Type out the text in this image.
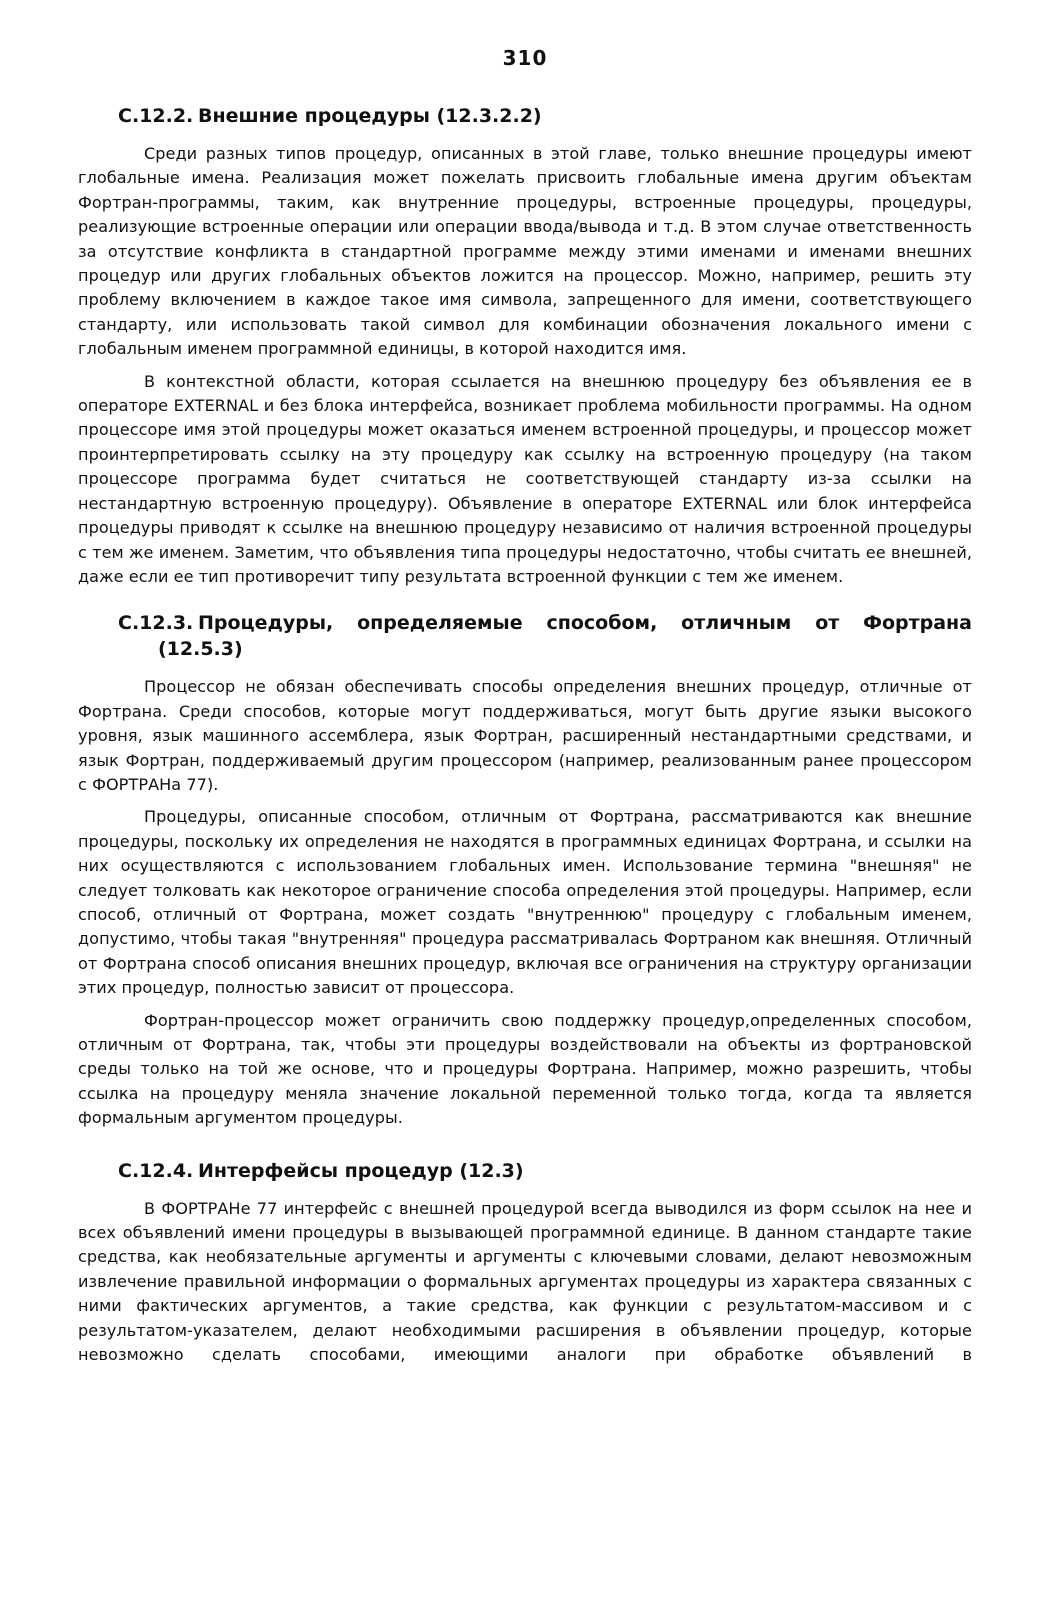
310
С.12.2. Внешние процедуры (12.3.2.2)

Среди разных типов процедур, описанных в этой главе, только внешние процедуры имеют глобальные имена. Реализация может пожелать присвоить глобальные имена другим объектам Фортран-программы, таким, как внутренние процедуры, встроенные процедуры, процедуры, реализующие встроенные операции или операции ввода/вывода и т.д. В этом случае ответственность за отсутствие конфликта в стандартной программе между этими именами и именами внешних процедур или других глобальных объектов ложится на процессор. Можно, например, решить эту проблему включением в каждое такое имя символа, запрещенного для имени, соответствующего стандарту, или использовать такой символ для комбинации обозначения локального имени с глобальным именем программной единицы, в которой находится имя.

В контекстной области, которая ссылается на внешнюю процедуру без объявления ее в операторе EXTERNAL и без блока интерфейса, возникает проблема мобильности программы. На одном процессоре имя этой процедуры может оказаться именем встроенной процедуры, и процессор может проинтерпретировать ссылку на эту процедуру как ссылку на встроенную процедуру (на таком процессоре программа будет считаться не соответствующей стандарту из-за ссылки на нестандартную встроенную процедуру). Объявление в операторе EXTERNAL или блок интерфейса процедуры приводят к ссылке на внешнюю процедуру независимо от наличия встроенной процедуры с тем же именем. Заметим, что объявления типа процедуры недостаточно, чтобы считать ее внешней, даже если ее тип противоречит типу результата встроенной функции с тем же именем.

С.12.3. Процедуры, определяемые способом, отличным от Фортрана
(12.5.3)

Процессор не обязан обеспечивать способы определения внешних процедур, отличные от Фортрана. Среди способов, которые могут поддерживаться, могут быть другие языки высокого уровня, язык машинного ассемблера, язык Фортран, расширенный нестандартными средствами, и язык Фортран, поддерживаемый другим процессором (например, реализованным ранее процессором с ФОРТРАНа 77).

Процедуры, описанные способом, отличным от Фортрана, рассматриваются как внешние процедуры, поскольку их определения не находятся в программных единицах Фортрана, и ссылки на них осуществляются с использованием глобальных имен. Использование термина "внешняя" не следует толковать как некоторое ограничение способа определения этой процедуры. Например, если способ, отличный от Фортрана, может создать "внутреннюю" процедуру с глобальным именем, допустимо, чтобы такая "внутренняя" процедура рассматривалась Фортраном как внешняя. Отличный от Фортрана способ описания внешних процедур, включая все ограничения на структуру организации этих процедур, полностью зависит от процессора.

Фортран-процессор может ограничить свою поддержку процедур,определенных способом, отличным от Фортрана, так, чтобы эти процедуры воздействовали на объекты из фортрановской среды только на той же основе, что и процедуры Фортрана. Например, можно разрешить, чтобы ссылка на процедуру меняла значение локальной переменной только тогда, когда та является формальным аргументом процедуры.

С.12.4. Интерфейсы процедур (12.3)

В ФОРТРАНе 77 интерфейс с внешней процедурой всегда выводился из форм ссылок на нее и всех объявлений имени процедуры в вызывающей программной единице. В данном стандарте такие средства, как необязательные аргументы и аргументы с ключевыми словами, делают невозможным извлечение правильной информации о формальных аргументах процедуры из характера связанных с ними фактических аргументов, а такие средства, как функции с результатом-массивом и с результатом-указателем, делают необходимыми расширения в объявлении процедур, которые невозможно сделать способами, имеющими аналоги при обработке объявлений в
